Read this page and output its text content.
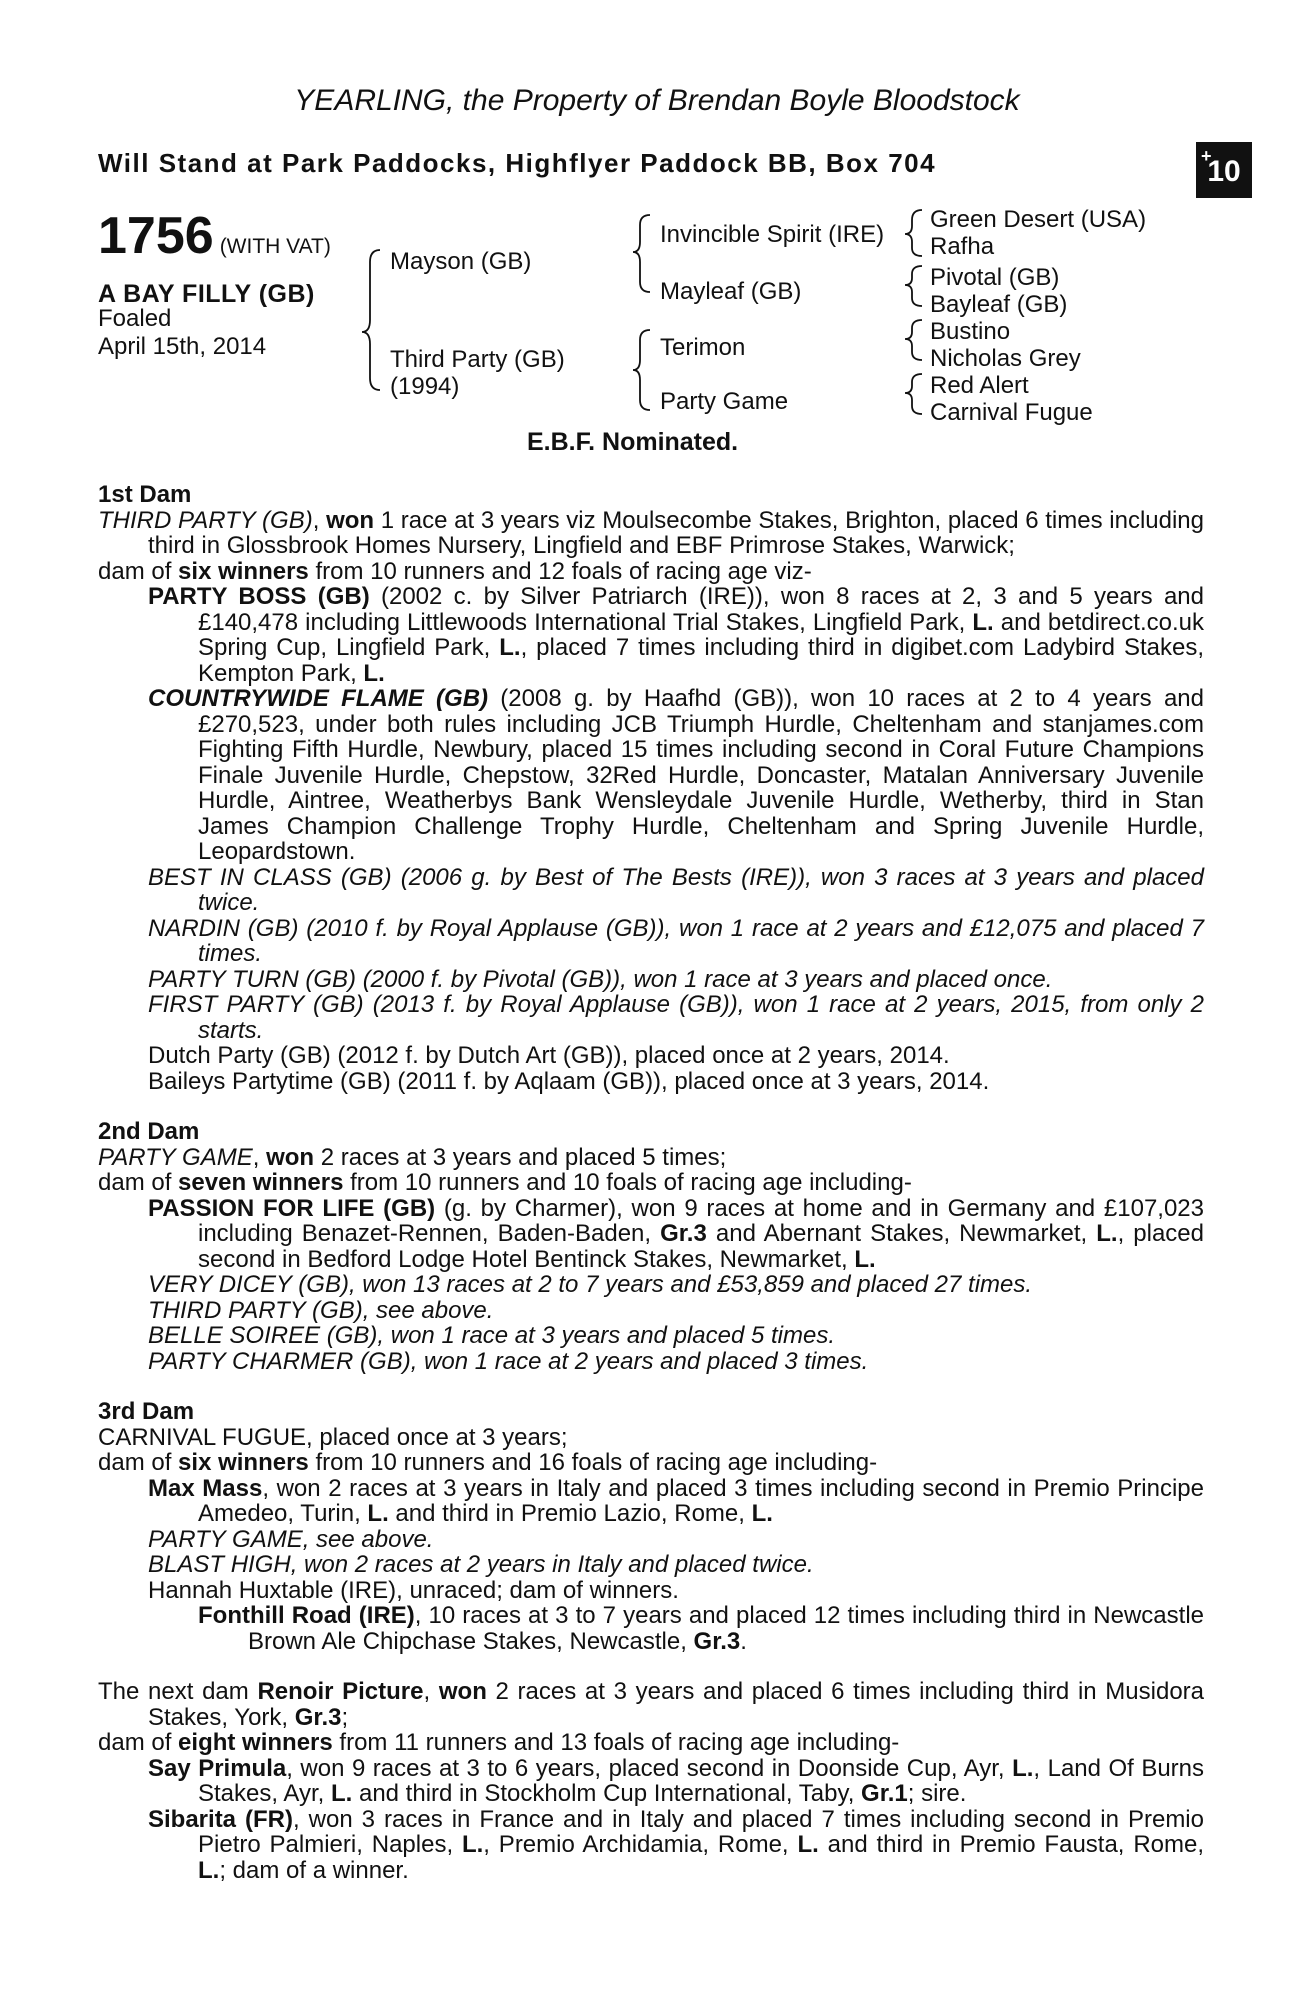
YEARLING, the Property of Brendan Boyle Bloodstock
Will Stand at Park Paddocks, Highflyer Paddock BB, Box 704	+
10
1756 (WITH VAT)
A BAY FILLY (GB)
Foaled
April 15th, 2014
Mayson (GB)
Third Party (GB)
(1994)
Invincible Spirit (IRE)
Mayleaf (GB)
Terimon
Party Game
Green Desert (USA)
Rafha
Pivotal (GB)
Bayleaf (GB)
Bustino
Nicholas Grey
Red Alert
Carnival Fugue
E.B.F. Nominated.
1st Dam

THIRD PARTY (GB), won 1 race at 3 years viz Moulsecombe Stakes, Brighton, placed 6 times including third in Glossbrook Homes Nursery, Lingfield and EBF Primrose Stakes, Warwick;

dam of six winners from 10 runners and 12 foals of racing age viz-

PARTY BOSS (GB) (2002 c. by Silver Patriarch (IRE)), won 8 races at 2, 3 and 5 years and £140,478 including Littlewoods International Trial Stakes, Lingfield Park, L. and betdirect.co.uk Spring Cup, Lingfield Park, L., placed 7 times including third in digibet.com Ladybird Stakes, Kempton Park, L.

COUNTRYWIDE FLAME (GB) (2008 g. by Haafhd (GB)), won 10 races at 2 to 4 years and £270,523, under both rules including JCB Triumph Hurdle, Cheltenham and stanjames.com Fighting Fifth Hurdle, Newbury, placed 15 times including second in Coral Future Champions Finale Juvenile Hurdle, Chepstow, 32Red Hurdle, Doncaster, Matalan Anniversary Juvenile Hurdle, Aintree, Weatherbys Bank Wensleydale Juvenile Hurdle, Wetherby, third in Stan James Champion Challenge Trophy Hurdle, Cheltenham and Spring Juvenile Hurdle, Leopardstown.

BEST IN CLASS (GB) (2006 g. by Best of The Bests (IRE)), won 3 races at 3 years and placed twice.

NARDIN (GB) (2010 f. by Royal Applause (GB)), won 1 race at 2 years and £12,075 and placed 7 times.

PARTY TURN (GB) (2000 f. by Pivotal (GB)), won 1 race at 3 years and placed once.

FIRST PARTY (GB) (2013 f. by Royal Applause (GB)), won 1 race at 2 years, 2015, from only 2 starts.

Dutch Party (GB) (2012 f. by Dutch Art (GB)), placed once at 2 years, 2014.

Baileys Partytime (GB) (2011 f. by Aqlaam (GB)), placed once at 3 years, 2014.

2nd Dam

PARTY GAME, won 2 races at 3 years and placed 5 times;

dam of seven winners from 10 runners and 10 foals of racing age including-

PASSION FOR LIFE (GB) (g. by Charmer), won 9 races at home and in Germany and £107,023 including Benazet-Rennen, Baden-Baden, Gr.3 and Abernant Stakes, Newmarket, L., placed second in Bedford Lodge Hotel Bentinck Stakes, Newmarket, L.

VERY DICEY (GB), won 13 races at 2 to 7 years and £53,859 and placed 27 times.

THIRD PARTY (GB), see above.

BELLE SOIREE (GB), won 1 race at 3 years and placed 5 times.

PARTY CHARMER (GB), won 1 race at 2 years and placed 3 times.

3rd Dam

CARNIVAL FUGUE, placed once at 3 years;

dam of six winners from 10 runners and 16 foals of racing age including-

Max Mass, won 2 races at 3 years in Italy and placed 3 times including second in Premio Principe Amedeo, Turin, L. and third in Premio Lazio, Rome, L.

PARTY GAME, see above.

BLAST HIGH, won 2 races at 2 years in Italy and placed twice.

Hannah Huxtable (IRE), unraced; dam of winners.

Fonthill Road (IRE), 10 races at 3 to 7 years and placed 12 times including third in Newcastle Brown Ale Chipchase Stakes, Newcastle, Gr.3.

The next dam Renoir Picture, won 2 races at 3 years and placed 6 times including third in Musidora Stakes, York, Gr.3;

dam of eight winners from 11 runners and 13 foals of racing age including-

Say Primula, won 9 races at 3 to 6 years, placed second in Doonside Cup, Ayr, L., Land Of Burns Stakes, Ayr, L. and third in Stockholm Cup International, Taby, Gr.1; sire.

Sibarita (FR), won 3 races in France and in Italy and placed 7 times including second in Premio Pietro Palmieri, Naples, L., Premio Archidamia, Rome, L. and third in Premio Fausta, Rome, L.; dam of a winner.
